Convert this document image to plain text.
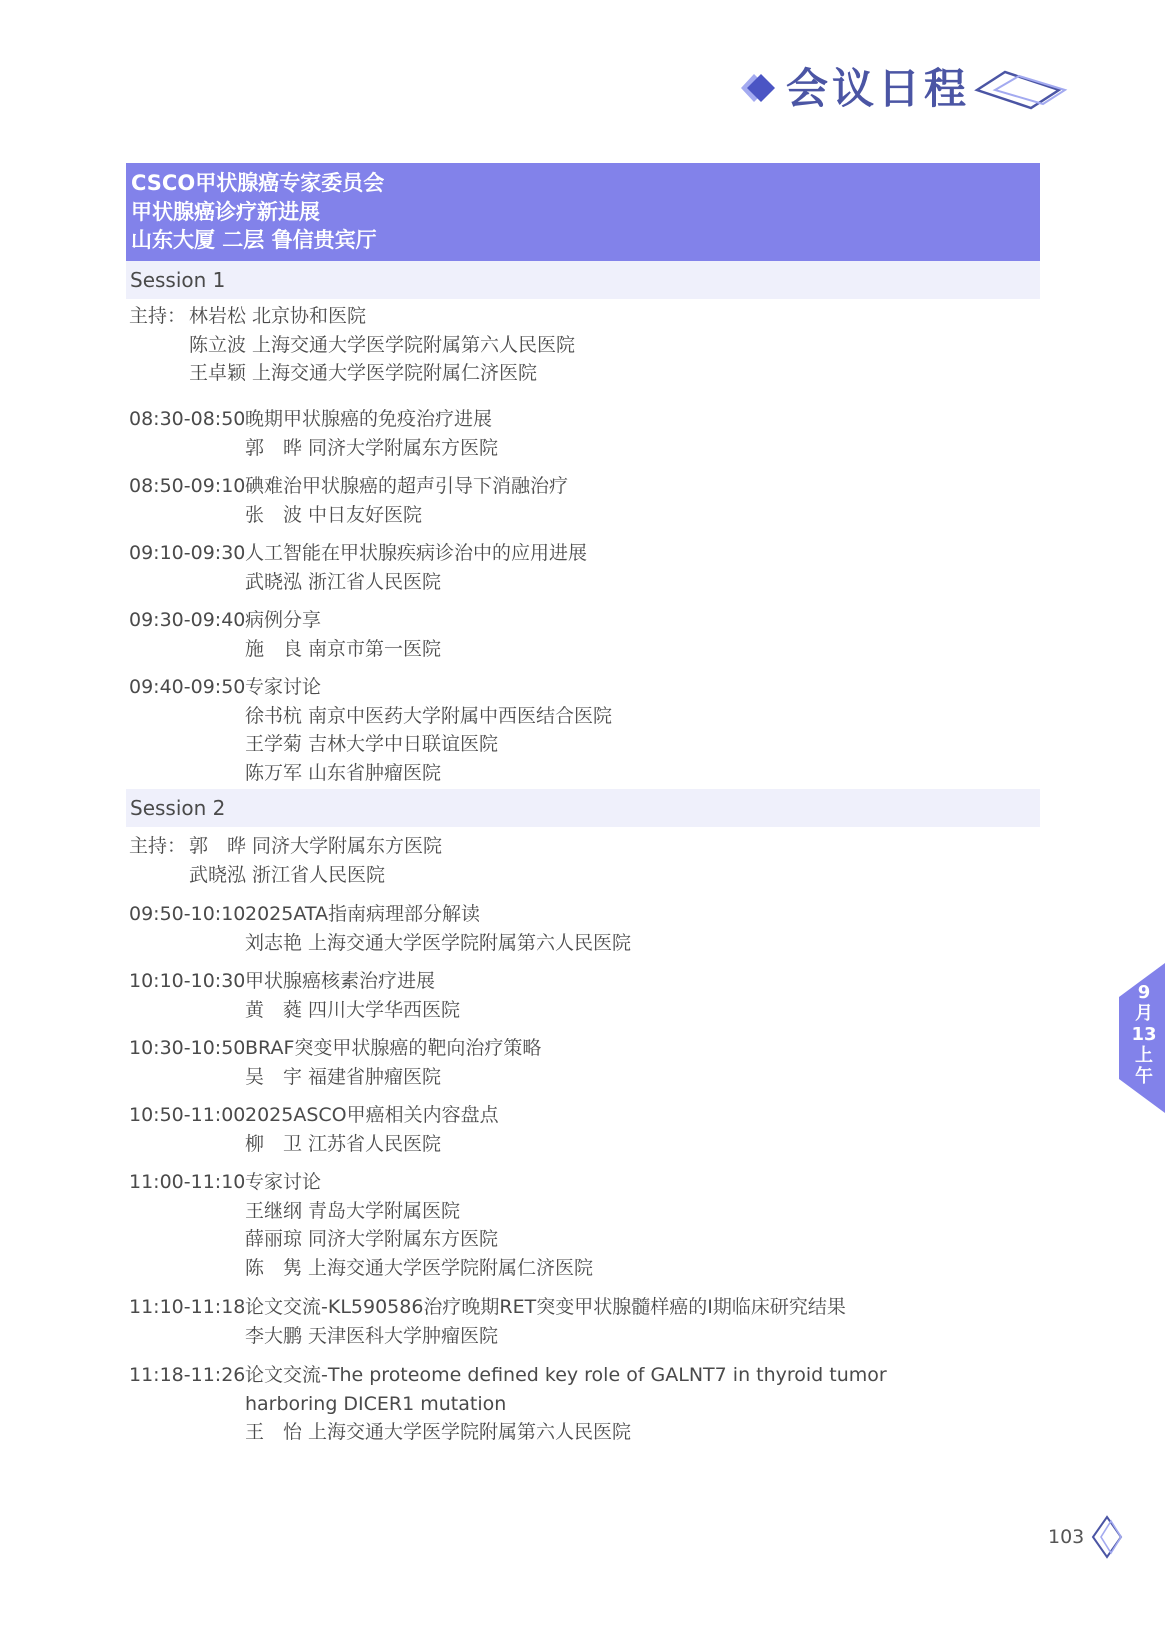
会议日程
CSCO甲状腺癌专家委员会
甲状腺癌诊疗新进展
山东大厦 二层 鲁信贵宾厅
Session 1
主持： 林岩松 北京协和医院
陈立波 上海交通大学医学院附属第六人民医院
王卓颖 上海交通大学医学院附属仁济医院
08:30-08:50 晚期甲状腺癌的免疫治疗进展
郭　晔 同济大学附属东方医院
08:50-09:10 碘难治甲状腺癌的超声引导下消融治疗
张　波 中日友好医院
09:10-09:30 人工智能在甲状腺疾病诊治中的应用进展
武晓泓 浙江省人民医院
09:30-09:40 病例分享
施　良 南京市第一医院
09:40-09:50 专家讨论
徐书杭 南京中医药大学附属中西医结合医院
王学菊 吉林大学中日联谊医院
陈万军 山东省肿瘤医院
Session 2
主持： 郭　晔 同济大学附属东方医院
武晓泓 浙江省人民医院
09:50-10:10 2025ATA指南病理部分解读
刘志艳 上海交通大学医学院附属第六人民医院
10:10-10:30 甲状腺癌核素治疗进展
黄　蕤 四川大学华西医院
10:30-10:50 BRAF突变甲状腺癌的靶向治疗策略
吴　宇 福建省肿瘤医院
10:50-11:00 2025ASCO甲癌相关内容盘点
柳　卫 江苏省人民医院
11:00-11:10 专家讨论
王继纲 青岛大学附属医院
薛丽琼 同济大学附属东方医院
陈　隽 上海交通大学医学院附属仁济医院
11:10-11:18 论文交流-KL590586治疗晚期RET突变甲状腺髓样癌的Ⅰ期临床研究结果
李大鹏 天津医科大学肿瘤医院
11:18-11:26 论文交流-The proteome defined key role of GALNT7 in thyroid tumor harboring DICER1 mutation
王　怡 上海交通大学医学院附属第六人民医院
9
月
13
上
午
103
